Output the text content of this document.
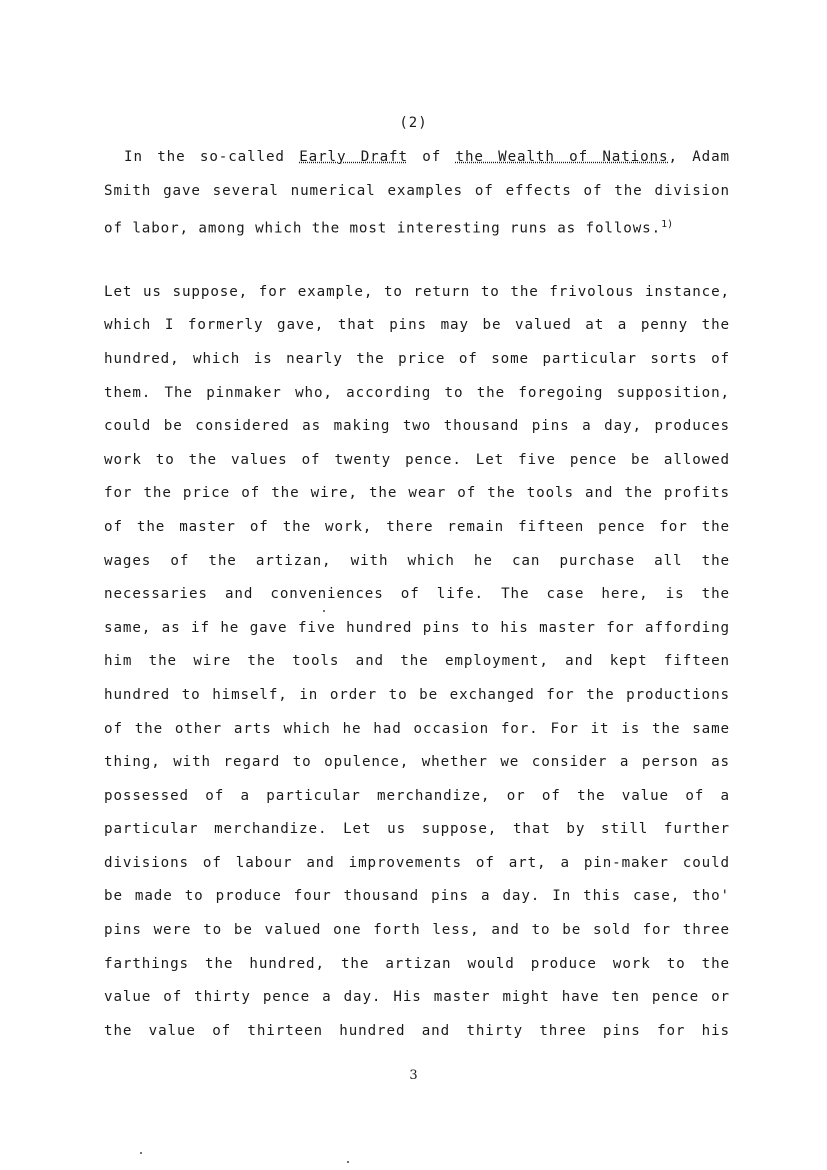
(2)
In the so-called Early Draft of the Wealth of Nations, Adam
Smith gave several numerical examples of effects of the division
of labor, among which the most interesting runs as follows.$^{1)}$
Let us suppose, for example, to return to the frivolous instance,
which I formerly gave, that pins may be valued at a penny the
hundred, which is nearly the price of some particular sorts of
them. The pinmaker who, according to the foregoing supposition,
could be considered as making two thousand pins a day, produces
work to the values of twenty pence. Let five pence be allowed
for the price of the wire, the wear of the tools and the profits
of the master of the work, there remain fifteen pence for the
wages of the artizan, with which he can purchase all the
necessaries and conveniences of life. The case here, is the
same, as if he gave five hundred pins to his master for affording
him the wire the tools and the employment, and kept fifteen
hundred to himself, in order to be exchanged for the productions
of the other arts which he had occasion for. For it is the same
thing, with regard to opulence, whether we consider a person as
possessed of a particular merchandize, or of the value of a
particular merchandize. Let us suppose, that by still further
divisions of labour and improvements of art, a pin-maker could
be made to produce four thousand pins a day. In this case, tho'
pins were to be valued one forth less, and to be sold for three
farthings the hundred, the artizan would produce work to the
value of thirty pence a day. His master might have ten pence or
the value of thirteen hundred and thirty three pins for his
3
